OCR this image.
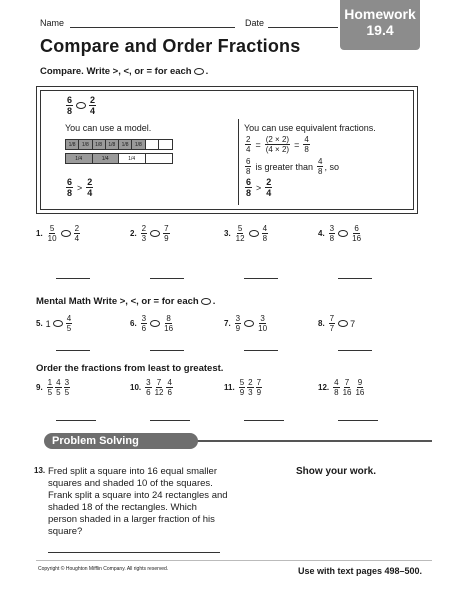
Name	Date
Homework
19.4
Compare and Order Fractions
Compare. Write >, <, or = for each .
$\frac{6}{8} \frac{2}{4}$
You can use a model.
1/8	1/8	1/8	1/8	1/8	1/8
1/4	1/4	1/4
$\frac{6}{8} > \frac{2}{4}$
You can use equivalent fractions.
$\frac{2}{4} = \frac{(2 \times 2)}{(4 \times 2)} = \frac{4}{8}$
$\frac{6}{8}$ is greater than $\frac{4}{8}$ , so
$\frac{6}{8} > \frac{2}{4}$
1. $\frac{5}{10} \frac{2}{4}$	2. $\frac{2}{3} \frac{7}{9}$	3. $\frac{5}{12} \frac{4}{8}$	4. $\frac{3}{8} \frac{6}{16}$
Mental Math Write >, <, or = for each .
5. $1 \frac{4}{5}$	6. $\frac{3}{6} \frac{8}{16}$	7. $\frac{3}{9} \frac{3}{10}$	8. $\frac{7}{7} 7$
Order the fractions from least to greatest.
9. $\frac{1}{5} \frac{4}{5} \frac{3}{5}$	10. $\frac{3}{6} \frac{7}{12} \frac{4}{6}$	11. $\frac{5}{9} \frac{2}{3} \frac{7}{9}$	12. $\frac{4}{8} \frac{7}{16} \frac{9}{16}$
Problem Solving
13. Fred split a square into 16 equal smaller squares and shaded 10 of the squares. Frank split a square into 24 rectangles and shaded 18 of the rectangles. Which person shaded in a larger fraction of his square?
Show your work.
Copyright © Houghton Mifflin Company. All rights reserved.	Use with text pages 498–500.
